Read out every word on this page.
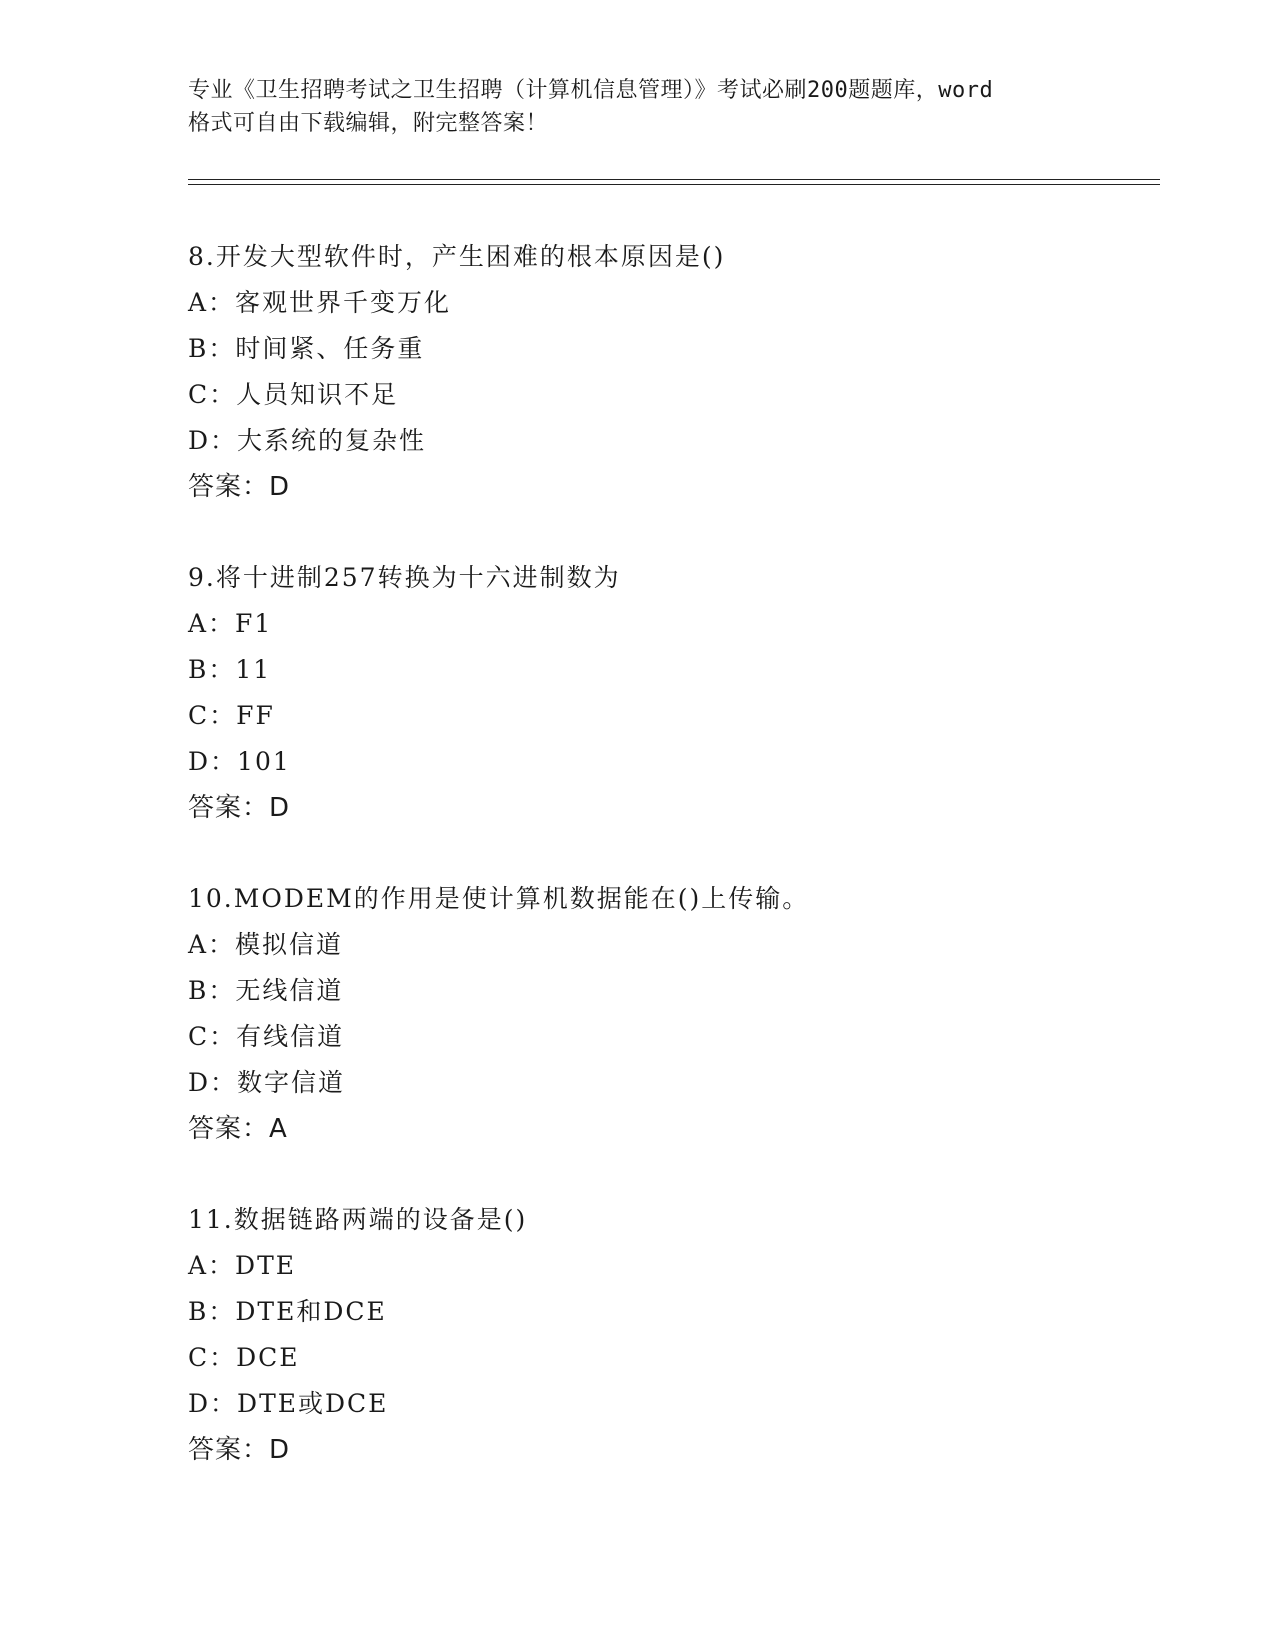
专业《卫生招聘考试之卫生招聘（计算机信息管理）》考试必刷200题题库，word
格式可自由下载编辑，附完整答案！
8.开发大型软件时，产生困难的根本原因是()
A：客观世界千变万化
B：时间紧、任务重
C：人员知识不足
D：大系统的复杂性
答案：D
9.将十进制257转换为十六进制数为
A：F1
B：11
C：FF
D：101
答案：D
10.MODEM的作用是使计算机数据能在()上传输。
A：模拟信道
B：无线信道
C：有线信道
D：数字信道
答案：A
11.数据链路两端的设备是()
A：DTE
B：DTE和DCE
C：DCE
D：DTE或DCE
答案：D
